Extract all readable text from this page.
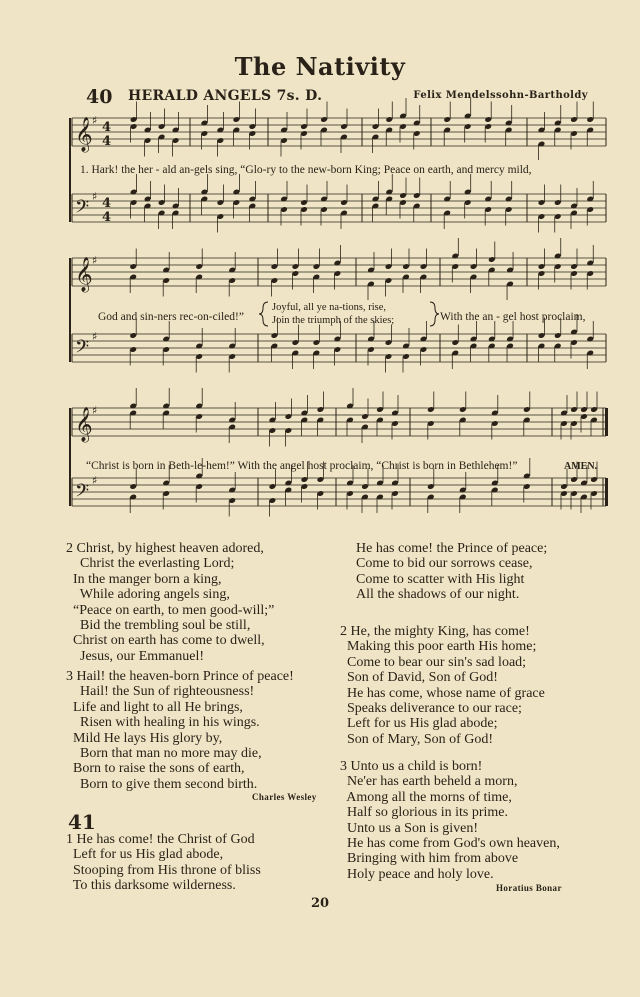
The Nativity
40 HERALD ANGELS 7s. D.	Felix Mendelssohn-Bartholdy
𝄞 ♯ 4
4
𝄢
♯ 4
4
𝄞 ♯
𝄢
♯
𝄞 ♯
𝄢
♯
1. Hark! the her - ald an-gels sing, “Glo-ry to the new-born King; Peace on earth, and mercy mild,
God and sin-ners rec-on-ciled!”
Joyful, all ye na-tions, rise,
Join the triumph of the skies;	With the an - gel host proclaim,
“Christ is born in Beth-le-hem!” With the angel host proclaim, “Christ is born in Bethlehem!”	AMEN.
2 Christ, by highest heaven adored,
Christ the everlasting Lord;
In the manger born a king,
While adoring angels sing,
“Peace on earth, to men good-will;”
Bid the trembling soul be still,
Christ on earth has come to dwell,
Jesus, our Emmanuel!
3 Hail! the heaven-born Prince of peace!
Hail! the Sun of righteousness!
Life and light to all He brings,
Risen with healing in his wings.
Mild He lays His glory by,
Born that man no more may die,
Born to raise the sons of earth,
Born to give them second birth.
Charles Wesley
41
1 He has come! the Christ of God
Left for us His glad abode,
Stooping from His throne of bliss
To this darksome wilderness.
He has come! the Prince of peace;
Come to bid our sorrows cease,
Come to scatter with His light
All the shadows of our night.
2 He, the mighty King, has come!
Making this poor earth His home;
Come to bear our sin's sad load;
Son of David, Son of God!
He has come, whose name of grace
Speaks deliverance to our race;
Left for us His glad abode;
Son of Mary, Son of God!
3 Unto us a child is born!
Ne'er has earth beheld a morn,
Among all the morns of time,
Half so glorious in its prime.
Unto us a Son is given!
He has come from God's own heaven,
Bringing with him from above
Holy peace and holy love.
Horatius Bonar
20
